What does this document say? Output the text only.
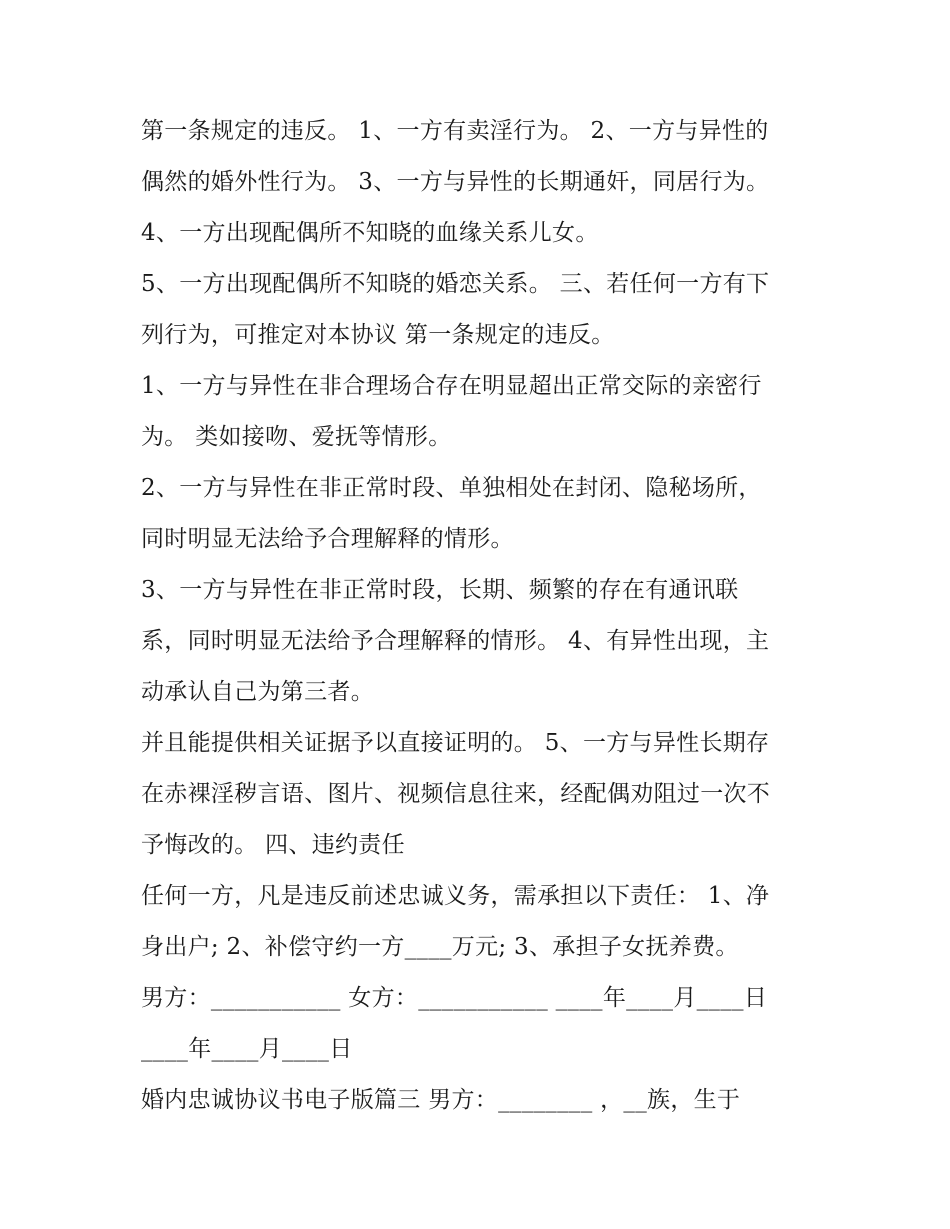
第一条规定的违反。 1、一方有卖淫行为。 2、一方与异性的
偶然的婚外性行为。 3、一方与异性的长期通奸，同居行为。
4、一方出现配偶所不知晓的血缘关系儿女。
5、一方出现配偶所不知晓的婚恋关系。 三、若任何一方有下
列行为，可推定对本协议 第一条规定的违反。
1、一方与异性在非合理场合存在明显超出正常交际的亲密行
为。 类如接吻、爱抚等情形。
2、一方与异性在非正常时段、单独相处在封闭、隐秘场所，
同时明显无法给予合理解释的情形。
3、一方与异性在非正常时段，长期、频繁的存在有通讯联
系，同时明显无法给予合理解释的情形。 4、有异性出现，主
动承认自己为第三者。
并且能提供相关证据予以直接证明的。 5、一方与异性长期存
在赤裸淫秽言语、图片、视频信息往来，经配偶劝阻过一次不
予悔改的。 四、违约责任
任何一方，凡是违反前述忠诚义务，需承担以下责任： 1、净
身出户; 2、补偿守约一方____万元; 3、承担子女抚养费。
男方：___________ 女方：___________ ____年____月____日
____年____月____日
婚内忠诚协议书电子版篇三 男方：________ ，__族，生于
